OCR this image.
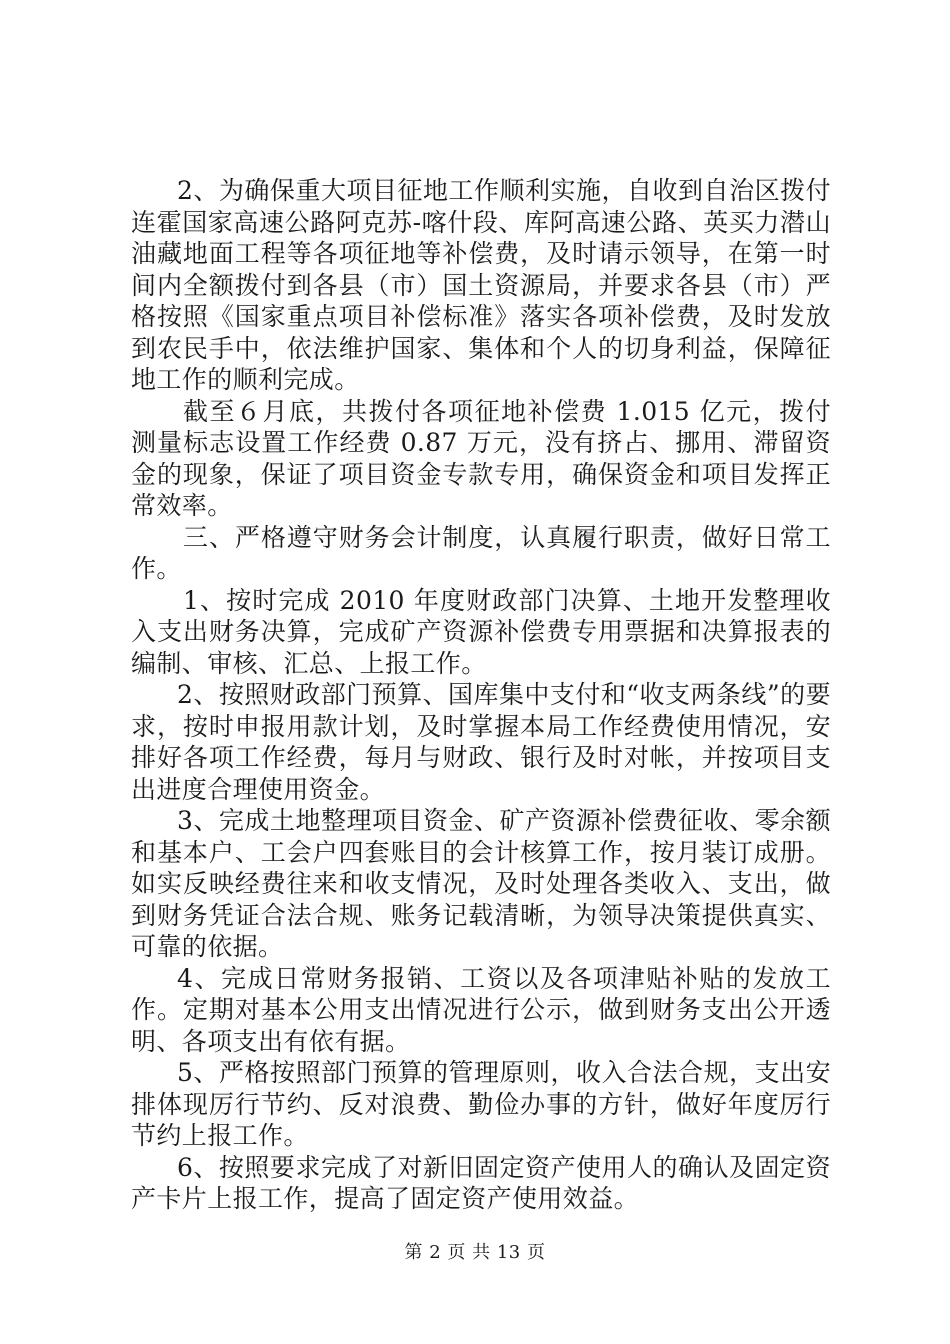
2、为确保重大项目征地工作顺利实施，自收到自治区拨付连霍国家高速公路阿克苏-喀什段、库阿高速公路、英买力潜山油藏地面工程等各项征地等补偿费，及时请示领导，在第一时间内全额拨付到各县（市）国土资源局，并要求各县（市）严格按照《国家重点项目补偿标准》落实各项补偿费，及时发放到农民手中，依法维护国家、集体和个人的切身利益，保障征地工作的顺利完成。

截至６月底，共拨付各项征地补偿费 1.015 亿元，拨付测量标志设置工作经费 0.87 万元，没有挤占、挪用、滞留资金的现象，保证了项目资金专款专用，确保资金和项目发挥正常效率。

三、严格遵守财务会计制度，认真履行职责，做好日常工作。

1、按时完成 2010 年度财政部门决算、土地开发整理收入支出财务决算，完成矿产资源补偿费专用票据和决算报表的编制、审核、汇总、上报工作。

2、按照财政部门预算、国库集中支付和“收支两条线”的要求，按时申报用款计划，及时掌握本局工作经费使用情况，安排好各项工作经费，每月与财政、银行及时对帐，并按项目支出进度合理使用资金。

3、完成土地整理项目资金、矿产资源补偿费征收、零余额和基本户、工会户四套账目的会计核算工作，按月装订成册。如实反映经费往来和收支情况，及时处理各类收入、支出，做到财务凭证合法合规、账务记载清晰，为领导决策提供真实、可靠的依据。

4、完成日常财务报销、工资以及各项津贴补贴的发放工作。定期对基本公用支出情况进行公示，做到财务支出公开透明、各项支出有依有据。

5、严格按照部门预算的管理原则，收入合法合规，支出安排体现厉行节约、反对浪费、勤俭办事的方针，做好年度厉行节约上报工作。

6、按照要求完成了对新旧固定资产使用人的确认及固定资产卡片上报工作，提高了固定资产使用效益。

第 2 页 共 13 页
